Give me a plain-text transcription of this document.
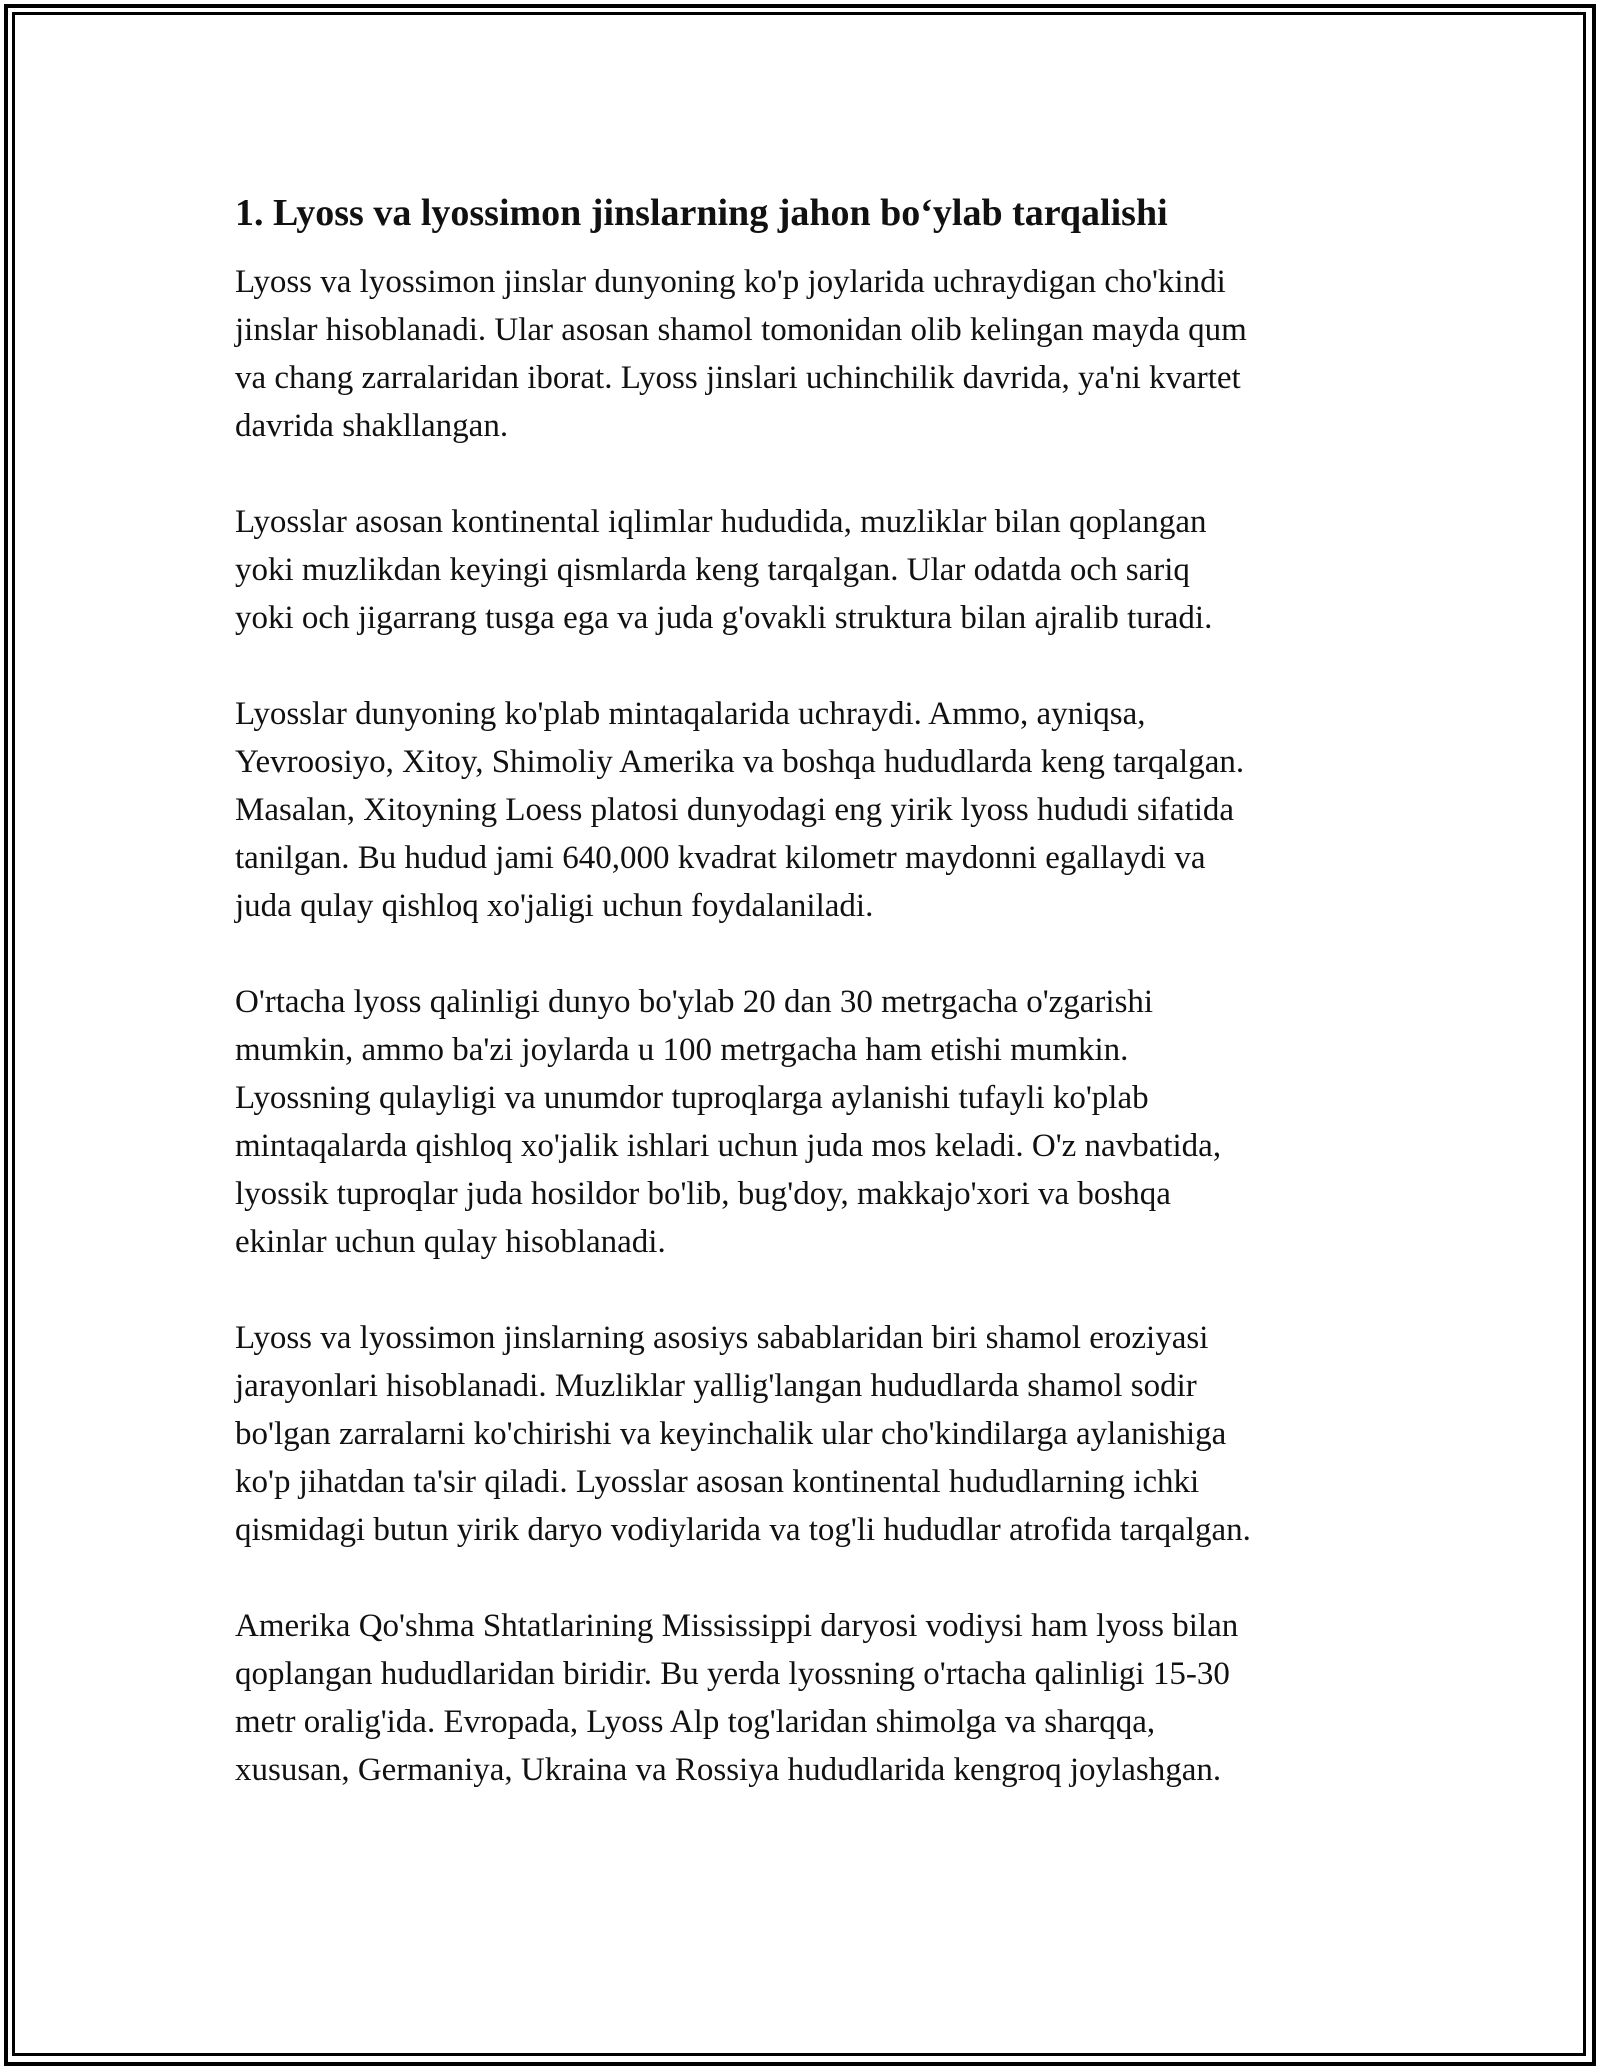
1. Lyoss va lyossimon jinslarning jahon bo‘ylab tarqalishi
Lyoss va lyossimon jinslar dunyoning ko'p joylarida uchraydigan cho'kindi
jinslar hisoblanadi. Ular asosan shamol tomonidan olib kelingan mayda qum
va chang zarralaridan iborat. Lyoss jinslari uchinchilik davrida, ya'ni kvartet
davrida shakllangan.
Lyosslar asosan kontinental iqlimlar hududida, muzliklar bilan qoplangan
yoki muzlikdan keyingi qismlarda keng tarqalgan. Ular odatda och sariq
yoki och jigarrang tusga ega va juda g'ovakli struktura bilan ajralib turadi.
Lyosslar dunyoning ko'plab mintaqalarida uchraydi. Ammo, ayniqsa,
Yevroosiyo, Xitoy, Shimoliy Amerika va boshqa hududlarda keng tarqalgan.
Masalan, Xitoyning Loess platosi dunyodagi eng yirik lyoss hududi sifatida
tanilgan. Bu hudud jami 640,000 kvadrat kilometr maydonni egallaydi va
juda qulay qishloq xo'jaligi uchun foydalaniladi.
O'rtacha lyoss qalinligi dunyo bo'ylab 20 dan 30 metrgacha o'zgarishi
mumkin, ammo ba'zi joylarda u 100 metrgacha ham etishi mumkin.
Lyossning qulayligi va unumdor tuproqlarga aylanishi tufayli ko'plab
mintaqalarda qishloq xo'jalik ishlari uchun juda mos keladi. O'z navbatida,
lyossik tuproqlar juda hosildor bo'lib, bug'doy, makkajo'xori va boshqa
ekinlar uchun qulay hisoblanadi.
Lyoss va lyossimon jinslarning asosiys sabablaridan biri shamol eroziyasi
jarayonlari hisoblanadi. Muzliklar yallig'langan hududlarda shamol sodir
bo'lgan zarralarni ko'chirishi va keyinchalik ular cho'kindilarga aylanishiga
ko'p jihatdan ta'sir qiladi. Lyosslar asosan kontinental hududlarning ichki
qismidagi butun yirik daryo vodiylarida va tog'li hududlar atrofida tarqalgan.
Amerika Qo'shma Shtatlarining Mississippi daryosi vodiysi ham lyoss bilan
qoplangan hududlaridan biridir. Bu yerda lyossning o'rtacha qalinligi 15-30
metr oralig'ida. Evropada, Lyoss Alp tog'laridan shimolga va sharqqa,
xususan, Germaniya, Ukraina va Rossiya hududlarida kengroq joylashgan.
